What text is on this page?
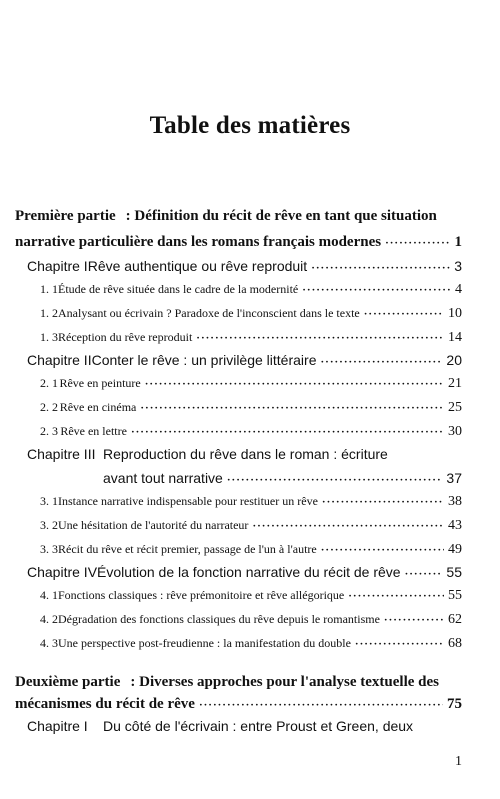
Table des matières
Première partie : Définition du récit de rêve en tant que situation
narrative particulière dans les romans français modernes ·····	1
Chapitre I Rêve authentique ou rêve reproduit ·····	3
1. 1 Étude de rêve située dans le cadre de la modernité ·····	4
1. 2 Analysant ou écrivain ? Paradoxe de l'inconscient dans le texte ·····	10
1. 3 Réception du rêve reproduit ·····	14
Chapitre II Conter le rêve : un privilège littéraire ·····	20
2. 1 Rêve en peinture ·····	21
2. 2 Rêve en cinéma ·····	25
2. 3 Rêve en lettre ·····	30
Chapitre III Reproduction du rêve dans le roman : écriture
avant tout narrative ·····	37
3. 1 Instance narrative indispensable pour restituer un rêve ·····	38
3. 2 Une hésitation de l'autorité du narrateur ·····	43
3. 3 Récit du rêve et récit premier, passage de l'un à l'autre ·····	49
Chapitre IV Évolution de la fonction narrative du récit de rêve ·····	55
4. 1 Fonctions classiques : rêve prémonitoire et rêve allégorique ·····	55
4. 2 Dégradation des fonctions classiques du rêve depuis le romantisme ·····	62
4. 3 Une perspective post-freudienne : la manifestation du double ·····	68
Deuxième partie : Diverses approches pour l'analyse textuelle des
mécanismes du récit de rêve ·····	75
Chapitre I Du côté de l'écrivain : entre Proust et Green, deux
1
